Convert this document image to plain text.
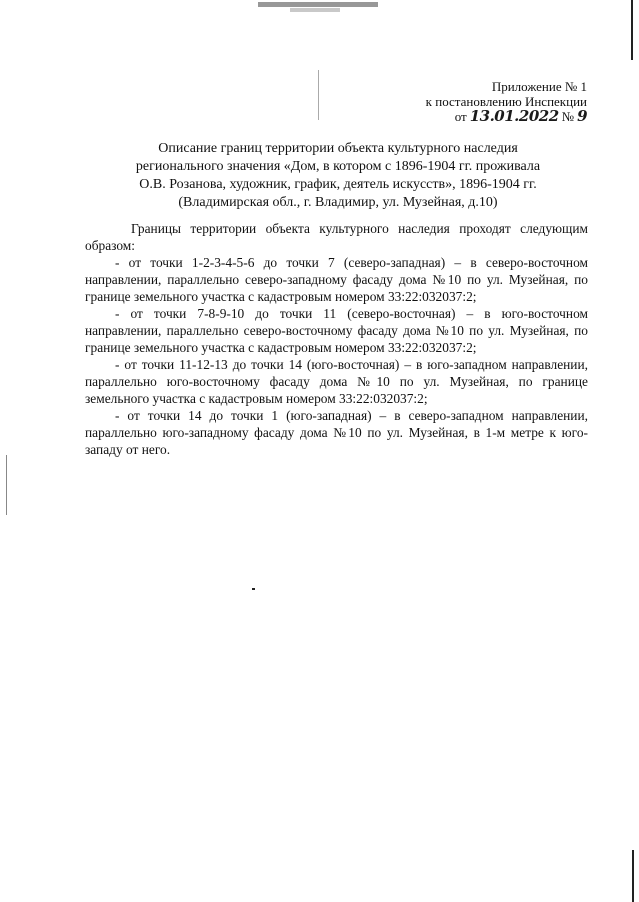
Приложение № 1
к постановлению Инспекции
от 13.01.2022 № 9
Описание границ территории объекта культурного наследия
регионального значения «Дом, в котором с 1896-1904 гг. проживала
О.В. Розанова, художник, график, деятель искусств», 1896-1904 гг.
(Владимирская обл., г. Владимир, ул. Музейная, д.10)

Границы территории объекта культурного наследия проходят следующим образом:

- от точки 1-2-3-4-5-6 до точки 7 (северо-западная) – в северо-восточном направлении, параллельно северо-западному фасаду дома №10 по ул. Музейная, по границе земельного участка с кадастровым номером 33:22:032037:2;

- от точки 7-8-9-10 до точки 11 (северо-восточная) – в юго-восточном направлении, параллельно северо-восточному фасаду дома №10 по ул. Музейная, по границе земельного участка с кадастровым номером 33:22:032037:2;

- от точки 11-12-13 до точки 14 (юго-восточная) – в юго-западном направлении, параллельно юго-восточному фасаду дома №10 по ул. Музейная, по границе земельного участка с кадастровым номером 33:22:032037:2;

- от точки 14 до точки 1 (юго-западная) – в северо-западном направлении, параллельно юго-западному фасаду дома №10 по ул. Музейная, в 1-м метре к юго-западу от него.
